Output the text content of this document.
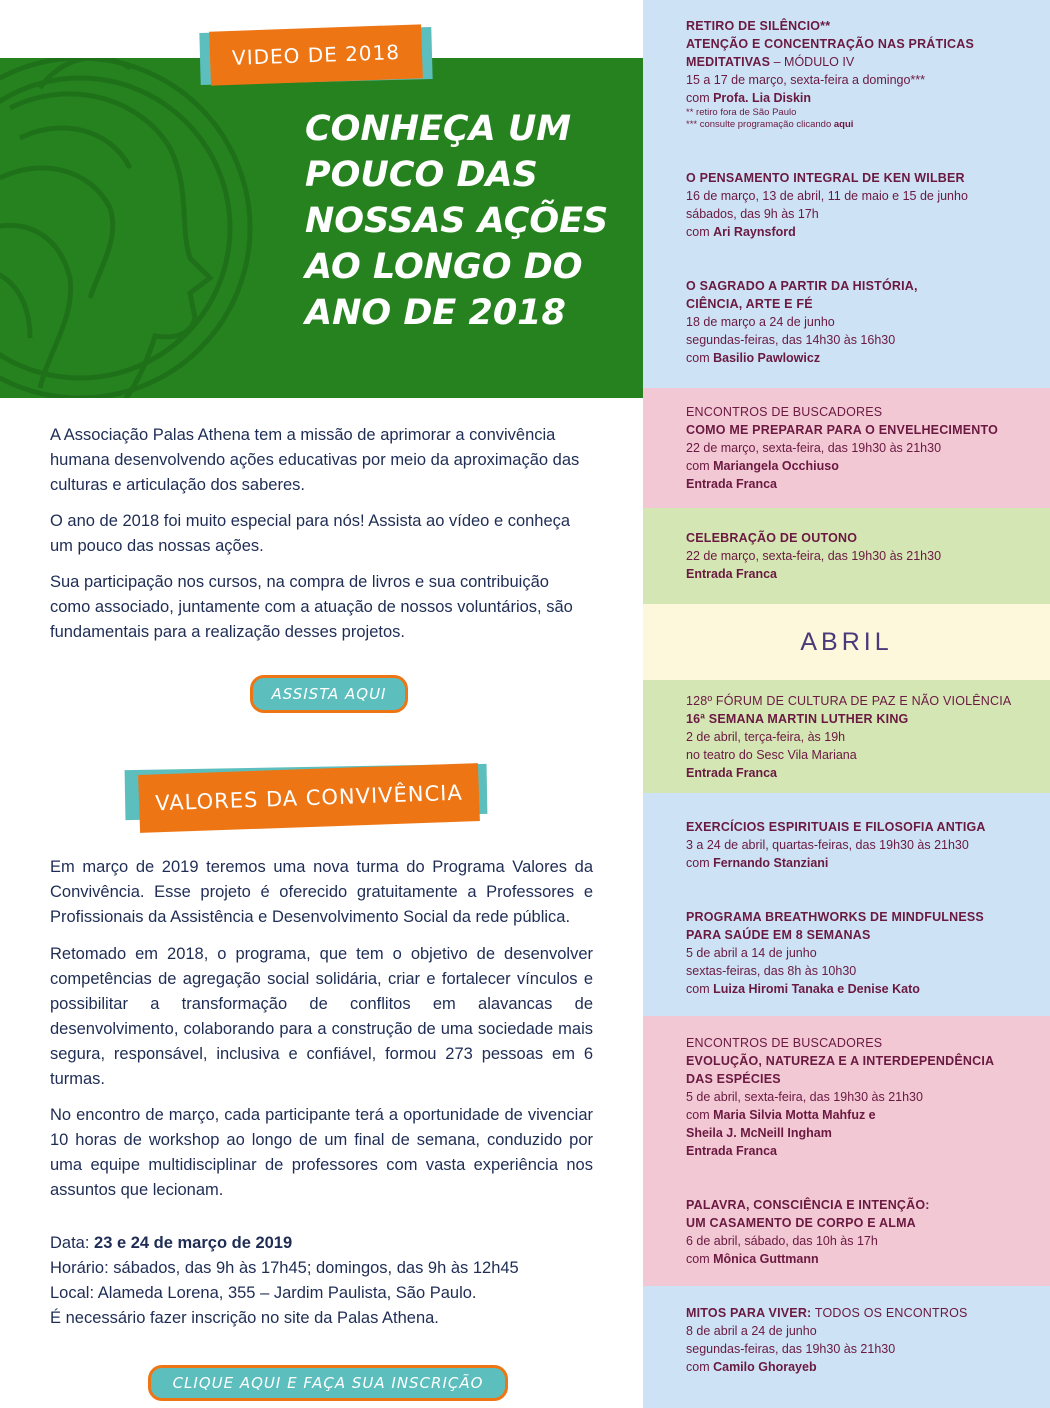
CONHEÇA UM POUCO DAS NOSSAS AÇÕES AO LONGO DO ANO DE 2018
VIDEO DE 2018

A Associação Palas Athena tem a missão de aprimorar a convivência humana desenvolvendo ações educativas por meio da aproximação das culturas e articulação dos saberes.

O ano de 2018 foi muito especial para nós! Assista ao vídeo e conheça um pouco das nossas ações.

Sua participação nos cursos, na compra de livros e sua contribuição como associado, juntamente com a atuação de nossos voluntários, são fundamentais para a realização desses projetos.

ASSISTA AQUI
VALORES DA CONVIVÊNCIA

Em março de 2019 teremos uma nova turma do Programa Valores da Convivência. Esse projeto é oferecido gratuitamente a Professores e Profissionais da Assistência e Desenvolvimento Social da rede pública.

Retomado em 2018, o programa, que tem o objetivo de desenvolver competências de agregação social solidária, criar e fortalecer vínculos e possibilitar a transformação de conflitos em alavancas de desenvolvimento, colaborando para a construção de uma sociedade mais segura, responsável, inclusiva e confiável, formou 273 pessoas em 6 turmas.

No encontro de março, cada participante terá a oportunidade de vivenciar 10 horas de workshop ao longo de um final de semana, conduzido por uma equipe multidisciplinar de professores com vasta experiência nos assuntos que lecionam.

Data: 23 e 24 de março de 2019
Horário: sábados, das 9h às 17h45; domingos, das 9h às 12h45
Local: Alameda Lorena, 355 – Jardim Paulista, São Paulo.
É necessário fazer inscrição no site da Palas Athena.
CLIQUE AQUI E FAÇA SUA INSCRIÇÃO
ABRIL
RETIRO DE SILÊNCIO**
ATENÇÃO E CONCENTRAÇÃO NAS PRÁTICAS
MEDITATIVAS – MÓDULO IV
15 a 17 de março, sexta-feira a domingo***
com Profa. Lia Diskin
** retiro fora de São Paulo
*** consulte programação clicando aqui
O PENSAMENTO INTEGRAL DE KEN WILBER
16 de março, 13 de abril, 11 de maio e 15 de junho
sábados, das 9h às 17h
com Ari Raynsford
O SAGRADO A PARTIR DA HISTÓRIA,
CIÊNCIA, ARTE E FÉ
18 de março a 24 de junho
segundas-feiras, das 14h30 às 16h30
com Basilio Pawlowicz
ENCONTROS DE BUSCADORES
COMO ME PREPARAR PARA O ENVELHECIMENTO
22 de março, sexta-feira, das 19h30 às 21h30
com Mariangela Occhiuso
Entrada Franca
CELEBRAÇÃO DE OUTONO
22 de março, sexta-feira, das 19h30 às 21h30
Entrada Franca
128º FÓRUM DE CULTURA DE PAZ E NÃO VIOLÊNCIA
16ª SEMANA MARTIN LUTHER KING
2 de abril, terça-feira, às 19h
no teatro do Sesc Vila Mariana
Entrada Franca
EXERCÍCIOS ESPIRITUAIS E FILOSOFIA ANTIGA
3 a 24 de abril, quartas-feiras, das 19h30 às 21h30
com Fernando Stanziani
PROGRAMA BREATHWORKS DE MINDFULNESS
PARA SAÚDE EM 8 SEMANAS
5 de abril a 14 de junho
sextas-feiras, das 8h às 10h30
com Luiza Hiromi Tanaka e Denise Kato
ENCONTROS DE BUSCADORES
EVOLUÇÃO, NATUREZA E A INTERDEPENDÊNCIA
DAS ESPÉCIES
5 de abril, sexta-feira, das 19h30 às 21h30
com Maria Silvia Motta Mahfuz e
Sheila J. McNeill Ingham
Entrada Franca
PALAVRA, CONSCIÊNCIA E INTENÇÃO:
UM CASAMENTO DE CORPO E ALMA
6 de abril, sábado, das 10h às 17h
com Mônica Guttmann
MITOS PARA VIVER: TODOS OS ENCONTROS
8 de abril a 24 de junho
segundas-feiras, das 19h30 às 21h30
com Camilo Ghorayeb
